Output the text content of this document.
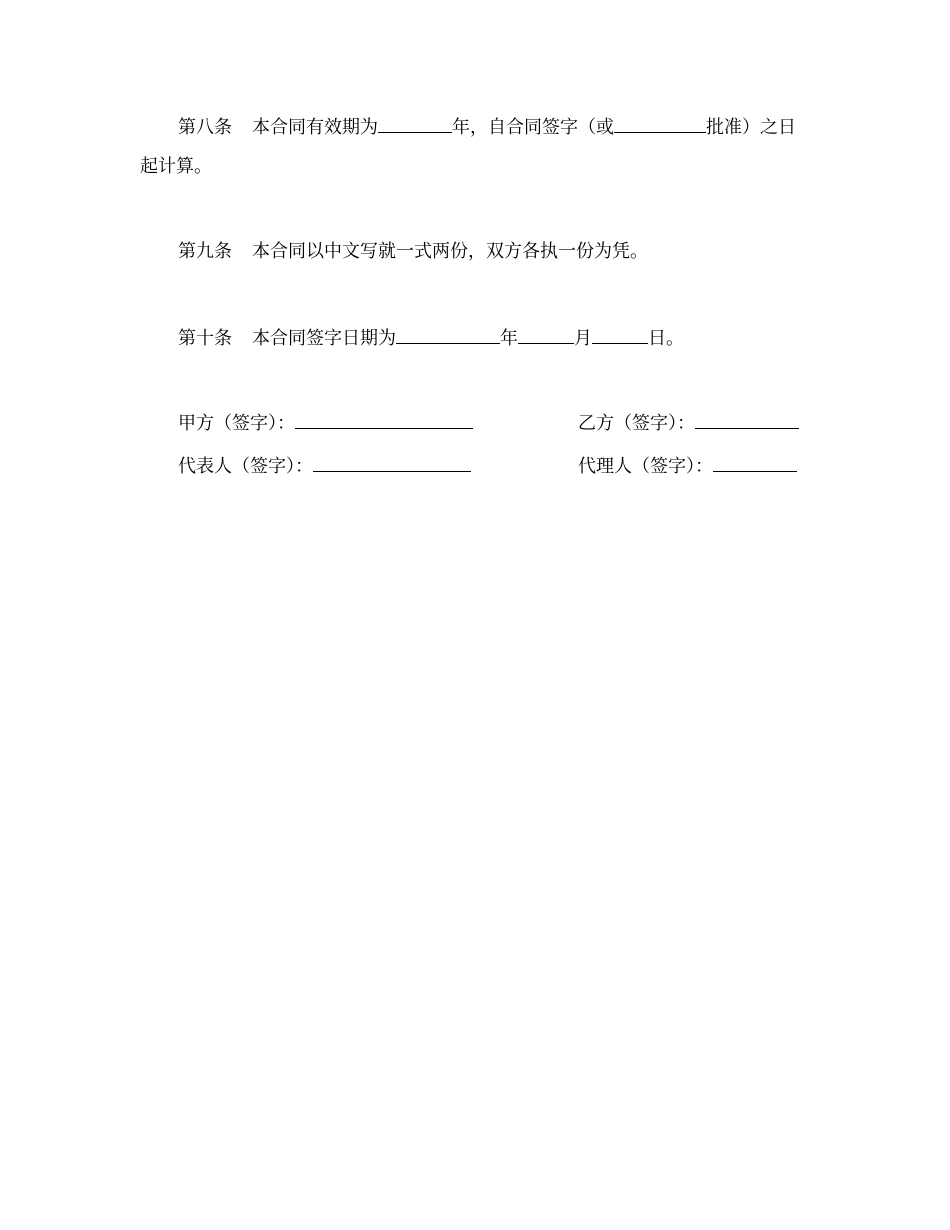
第八条 本合同有效期为	年，自合同签字（或	批准）之日
起计算。
第九条 本合同以中文写就一式两份，双方各执一份为凭。
第十条 本合同签字日期为	年	月	日。
甲方（签字）：	乙方（签字）：
代表人（签字）：	代理人（签字）：
